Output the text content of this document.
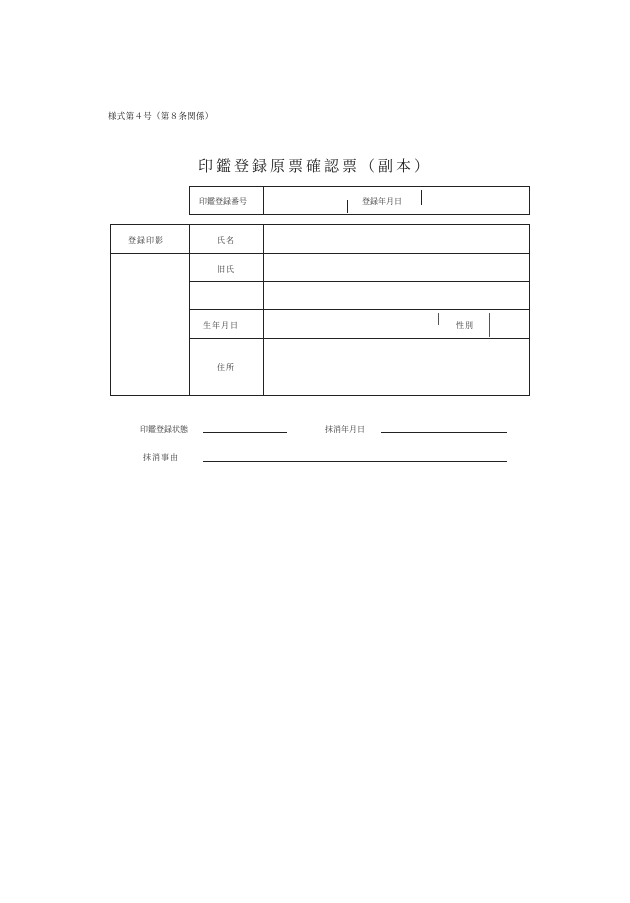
様式第４号（第８条関係）
印鑑登録原票確認票（副本）
印鑑登録番号	登録年月日
登録印影	氏名
旧氏
生年月日	性別
住所
印鑑登録状態	抹消年月日
抹消事由
